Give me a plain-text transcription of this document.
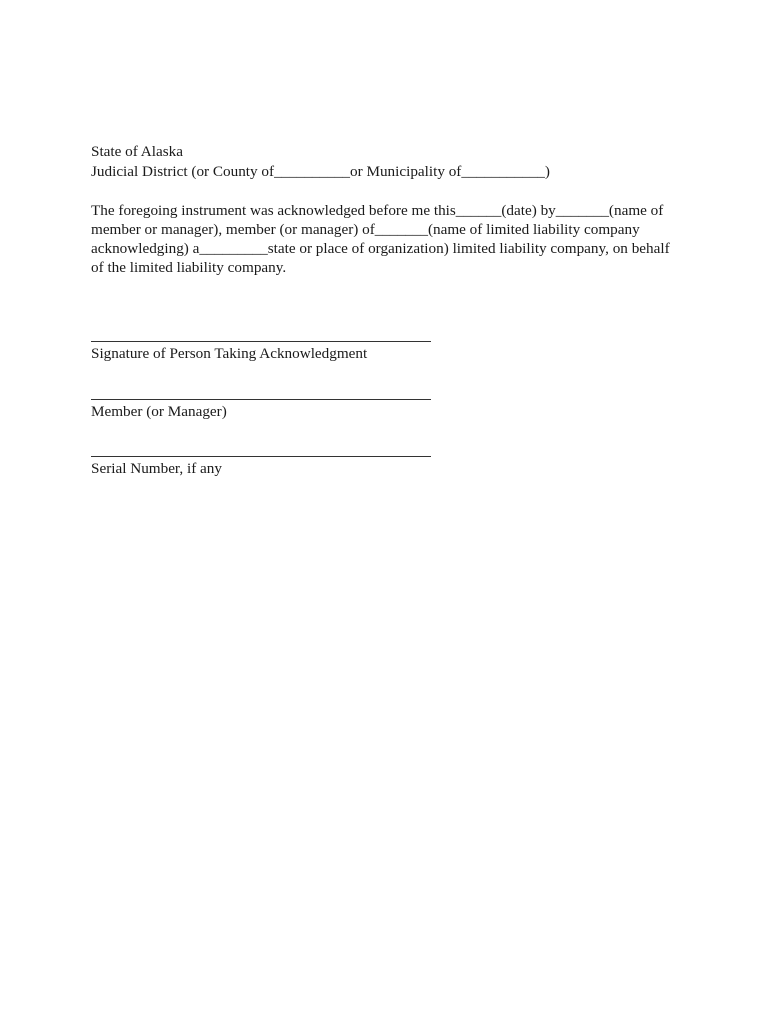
State of Alaska

Judicial District (or County of__________or Municipality of___________)

The foregoing instrument was acknowledged before me this______(date) by_______(name of

member or manager), member (or manager) of_______(name of limited liability company

acknowledging) a_________state or place of organization) limited liability company, on behalf

of the limited liability company.

Signature of Person Taking Acknowledgment

Member (or Manager)

Serial Number, if any
